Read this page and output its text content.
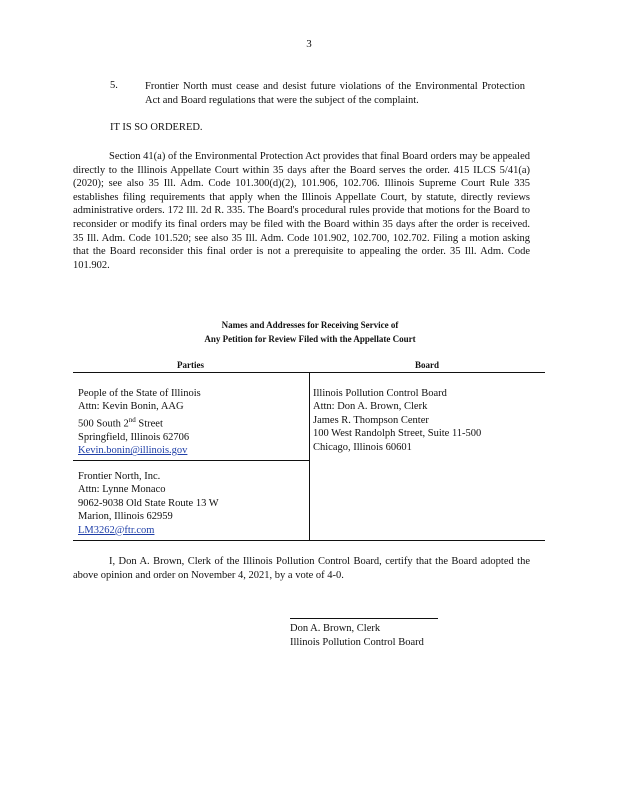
3
5.	Frontier North must cease and desist future violations of the Environmental Protection Act and Board regulations that were the subject of the complaint.
IT IS SO ORDERED.
Section 41(a) of the Environmental Protection Act provides that final Board orders may be appealed directly to the Illinois Appellate Court within 35 days after the Board serves the order. 415 ILCS 5/41(a) (2020); see also 35 Ill. Adm. Code 101.300(d)(2), 101.906, 102.706. Illinois Supreme Court Rule 335 establishes filing requirements that apply when the Illinois Appellate Court, by statute, directly reviews administrative orders. 172 Ill. 2d R. 335. The Board's procedural rules provide that motions for the Board to reconsider or modify its final orders may be filed with the Board within 35 days after the order is received. 35 Ill. Adm. Code 101.520; see also 35 Ill. Adm. Code 101.902, 102.700, 102.702. Filing a motion asking that the Board reconsider this final order is not a prerequisite to appealing the order. 35 Ill. Adm. Code 101.902.
Names and Addresses for Receiving Service of
Any Petition for Review Filed with the Appellate Court
Parties	Board
People of the State of Illinois
Attn: Kevin Bonin, AAG
500 South 2nd Street
Springfield, Illinois 62706
Kevin.bonin@illinois.gov
Frontier North, Inc.
Attn: Lynne Monaco
9062-9038 Old State Route 13 W
Marion, Illinois 62959
LM3262@ftr.com
Illinois Pollution Control Board
Attn: Don A. Brown, Clerk
James R. Thompson Center
100 West Randolph Street, Suite 11-500
Chicago, Illinois 60601
I, Don A. Brown, Clerk of the Illinois Pollution Control Board, certify that the Board adopted the above opinion and order on November 4, 2021, by a vote of 4-0.
Don A. Brown, Clerk
Illinois Pollution Control Board
